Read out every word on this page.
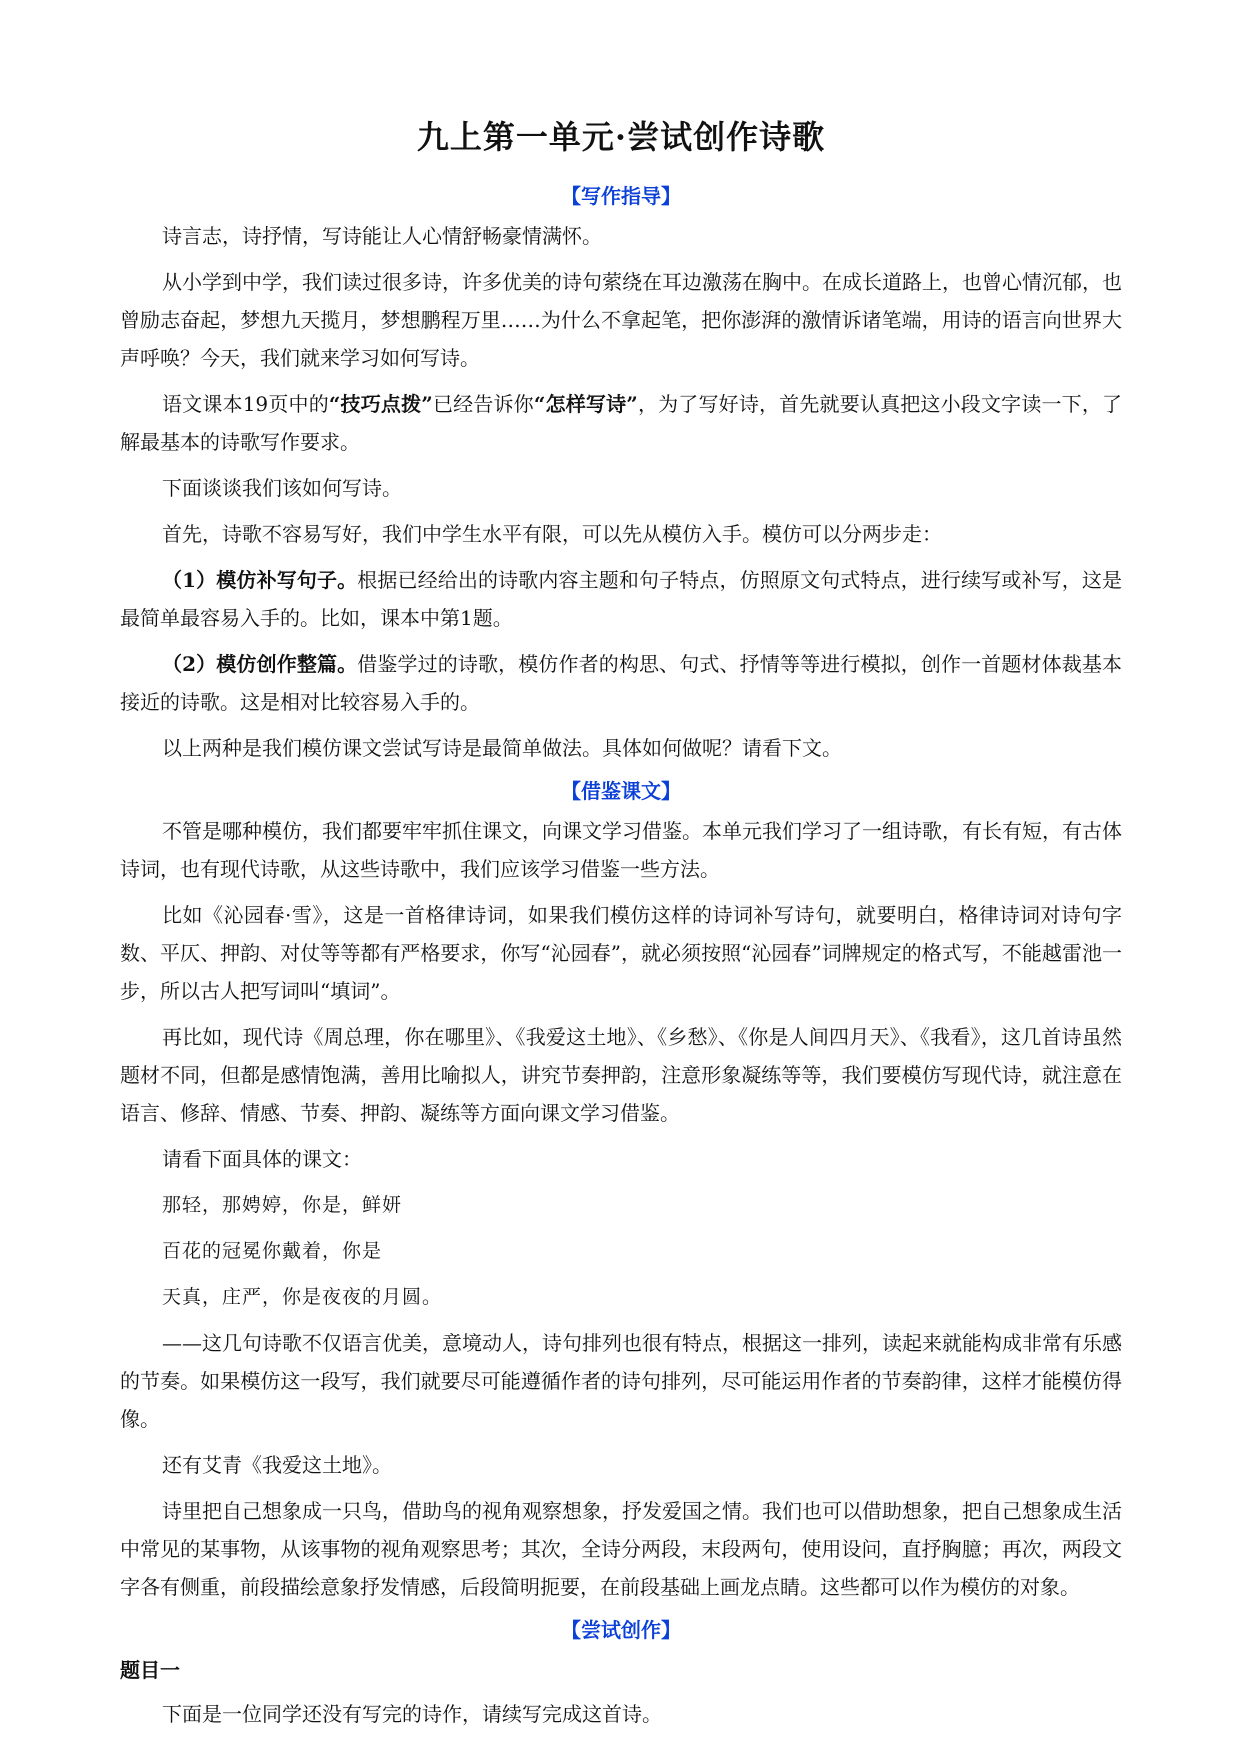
九上第一单元·尝试创作诗歌
【写作指导】

诗言志，诗抒情，写诗能让人心情舒畅豪情满怀。

从小学到中学，我们读过很多诗，许多优美的诗句萦绕在耳边激荡在胸中。在成长道路上，也曾心情沉郁，也曾励志奋起，梦想九天揽月，梦想鹏程万里……为什么不拿起笔，把你澎湃的激情诉诸笔端，用诗的语言向世界大声呼唤？今天，我们就来学习如何写诗。

语文课本19页中的“技巧点拨”已经告诉你“怎样写诗”，为了写好诗，首先就要认真把这小段文字读一下，了解最基本的诗歌写作要求。

下面谈谈我们该如何写诗。

首先，诗歌不容易写好，我们中学生水平有限，可以先从模仿入手。模仿可以分两步走：

（1）模仿补写句子。根据已经给出的诗歌内容主题和句子特点，仿照原文句式特点，进行续写或补写，这是最简单最容易入手的。比如，课本中第1题。

（2）模仿创作整篇。借鉴学过的诗歌，模仿作者的构思、句式、抒情等等进行模拟，创作一首题材体裁基本接近的诗歌。这是相对比较容易入手的。

以上两种是我们模仿课文尝试写诗是最简单做法。具体如何做呢？请看下文。

【借鉴课文】

不管是哪种模仿，我们都要牢牢抓住课文，向课文学习借鉴。本单元我们学习了一组诗歌，有长有短，有古体诗词，也有现代诗歌，从这些诗歌中，我们应该学习借鉴一些方法。

比如《沁园春·雪》，这是一首格律诗词，如果我们模仿这样的诗词补写诗句，就要明白，格律诗词对诗句字数、平仄、押韵、对仗等等都有严格要求，你写“沁园春”，就必须按照“沁园春”词牌规定的格式写，不能越雷池一步，所以古人把写词叫“填词”。

再比如，现代诗《周总理，你在哪里》、《我爱这土地》、《乡愁》、《你是人间四月天》、《我看》，这几首诗虽然题材不同，但都是感情饱满，善用比喻拟人，讲究节奏押韵，注意形象凝练等等，我们要模仿写现代诗，就注意在语言、修辞、情感、节奏、押韵、凝练等方面向课文学习借鉴。

请看下面具体的课文：

那轻，那娉婷，你是，鲜妍
百花的冠冕你戴着，你是
天真，庄严，你是夜夜的月圆。

——这几句诗歌不仅语言优美，意境动人，诗句排列也很有特点，根据这一排列，读起来就能构成非常有乐感的节奏。如果模仿这一段写，我们就要尽可能遵循作者的诗句排列，尽可能运用作者的节奏韵律，这样才能模仿得像。

还有艾青《我爱这土地》。

诗里把自己想象成一只鸟，借助鸟的视角观察想象，抒发爱国之情。我们也可以借助想象，把自己想象成生活中常见的某事物，从该事物的视角观察思考；其次，全诗分两段，末段两句，使用设问，直抒胸臆；再次，两段文字各有侧重，前段描绘意象抒发情感，后段简明扼要，在前段基础上画龙点睛。这些都可以作为模仿的对象。

【尝试创作】
题目一

下面是一位同学还没有写完的诗作，请续写完成这首诗。
